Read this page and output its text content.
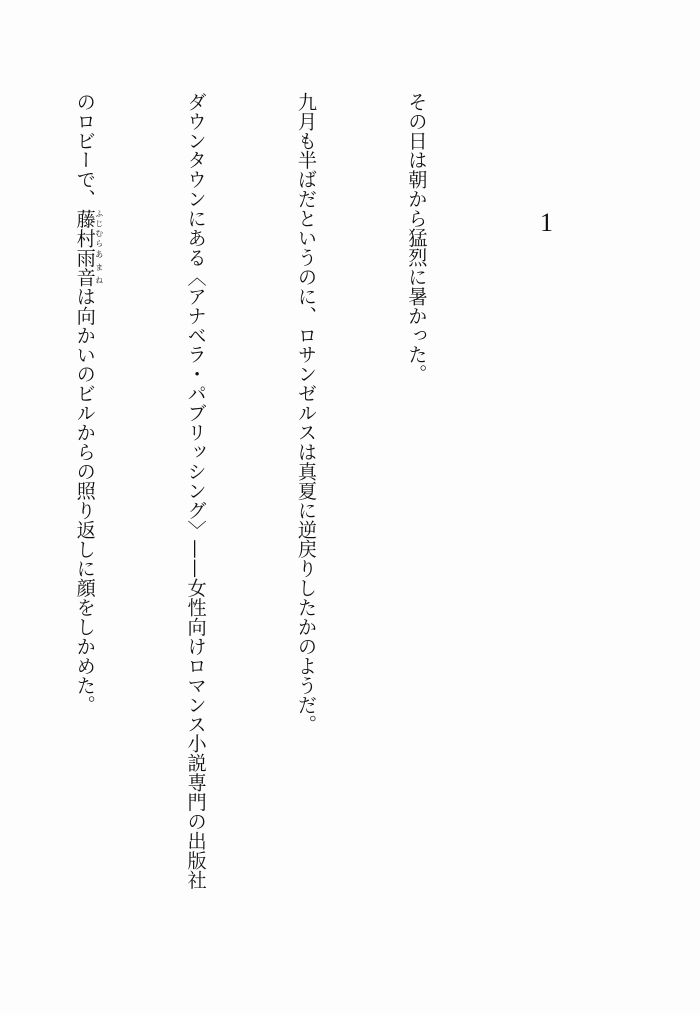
1

その日は朝から猛烈に暑かった。

九月も半ばだというのに、ロサンゼルスは真夏に逆戻りしたかのようだ。

ダウンタウンにある〈アナベラ・パブリッシング〉——女性向けロマンス小説専門の出版社

のロビーで、藤村ふじむら雨音あまねは向かいのビルからの照り返しに顔をしかめた。
